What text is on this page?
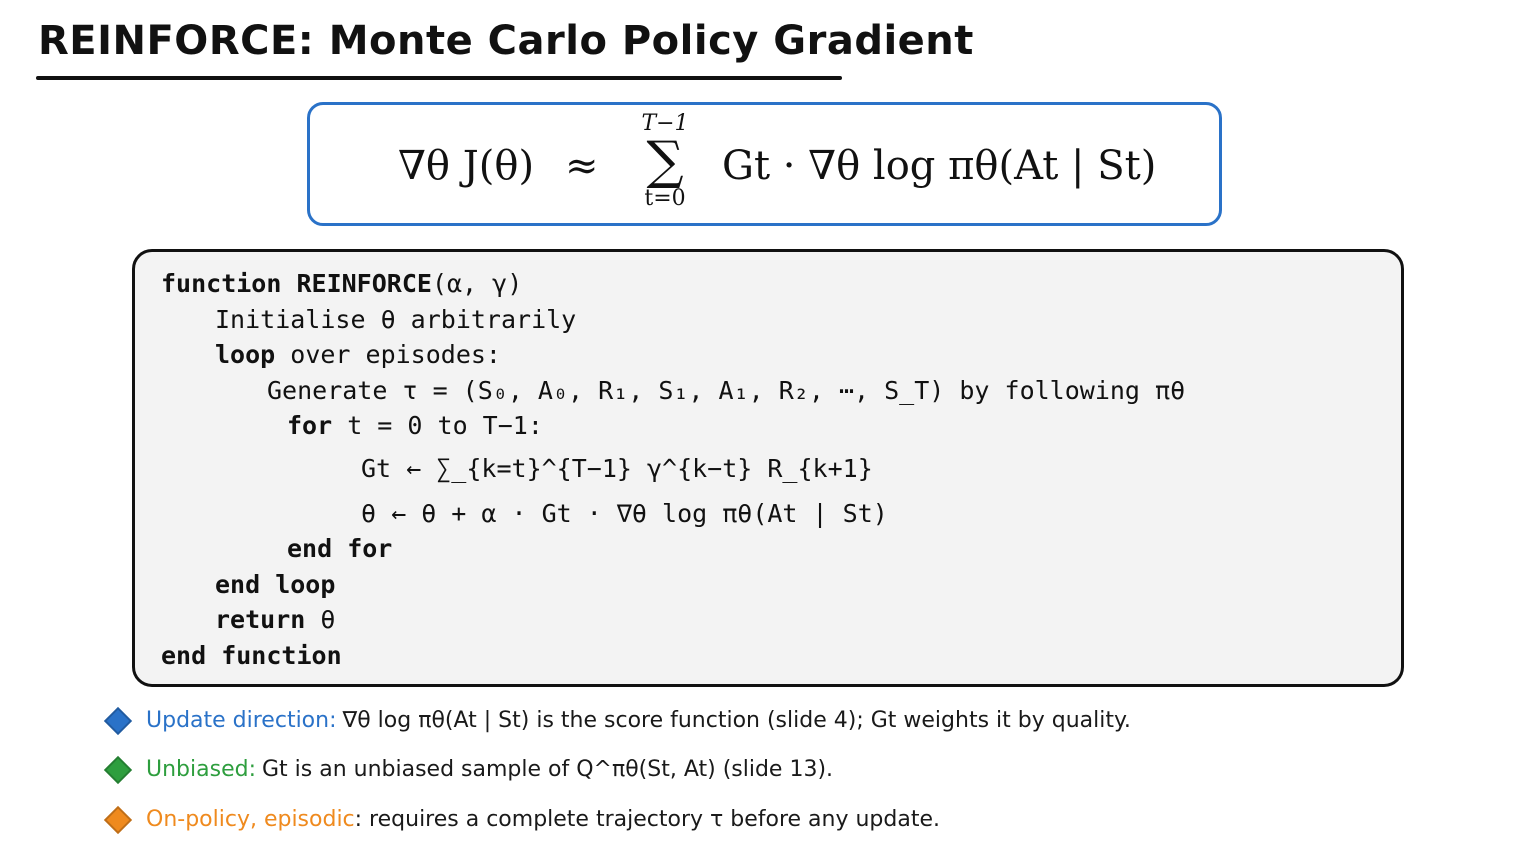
REINFORCE: Monte Carlo Policy Gradient
∇θ J(θ) ≈
T−1
∑
t=0
Gt · ∇θ log πθ(At | St)
function REINFORCE(α, γ)
Initialise θ arbitrarily
loop over episodes:
Generate τ = (S₀, A₀, R₁, S₁, A₁, R₂, ⋯, S_T) by following πθ
for t = 0 to T−1:
Gt ← ∑_{k=t}^{T−1} γ^{k−t} R_{k+1}
θ ← θ + α · Gt · ∇θ log πθ(At | St)
end for
end loop
return θ
end function
Update direction: ∇θ log πθ(At | St) is the score function (slide 4); Gt weights it by quality.
Unbiased: Gt is an unbiased sample of Q^πθ(St, At) (slide 13).
On-policy, episodic : requires a complete trajectory τ before any update.
